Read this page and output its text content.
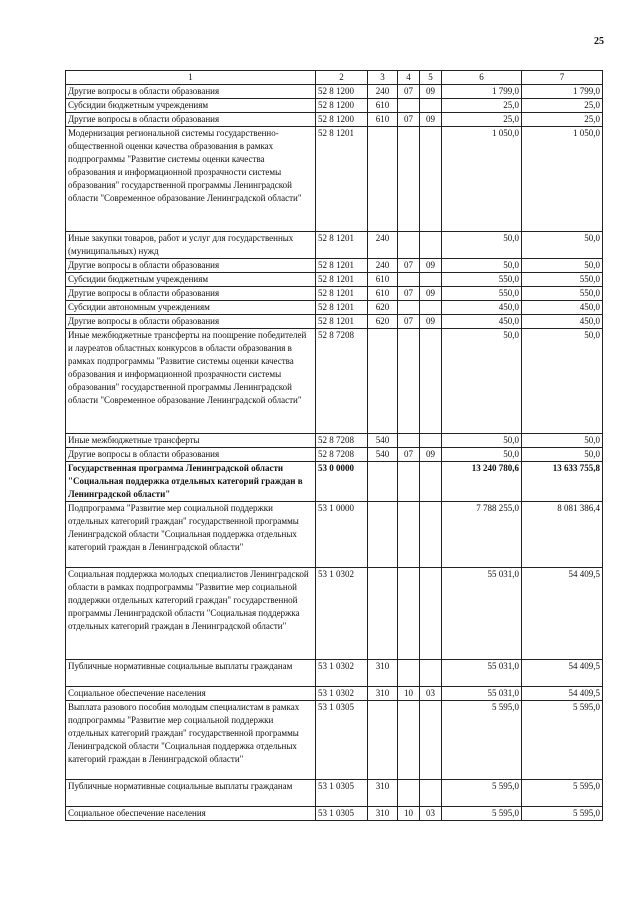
25
1	2	3	4	5	6	7
Другие вопросы в области образования	52 8 1200	240	07	09	1 799,0	1 799,0
Субсидии бюджетным учреждениям	52 8 1200	610			25,0	25,0
Другие вопросы в области образования	52 8 1200	610	07	09	25,0	25,0
Модернизация региональной системы государственно-общественной оценки качества образования в рамках подпрограммы "Развитие системы оценки качества образования и информационной прозрачности системы образования" государственной программы Ленинградской области "Современное образование Ленинградской области"	52 8 1201				1 050,0	1 050,0
Иные закупки товаров, работ и услуг для государственных (муниципальных) нужд	52 8 1201	240			50,0	50,0
Другие вопросы в области образования	52 8 1201	240	07	09	50,0	50,0
Субсидии бюджетным учреждениям	52 8 1201	610			550,0	550,0
Другие вопросы в области образования	52 8 1201	610	07	09	550,0	550,0
Субсидии автономным учреждениям	52 8 1201	620			450,0	450,0
Другие вопросы в области образования	52 8 1201	620	07	09	450,0	450,0
Иные межбюджетные трансферты на поощрение победителей и лауреатов областных конкурсов в области образования в рамках подпрограммы "Развитие системы оценки качества образования и информационной прозрачности системы образования" государственной программы Ленинградской области "Современное образование Ленинградской области"	52 8 7208				50,0	50,0
Иные межбюджетные трансферты	52 8 7208	540			50,0	50,0
Другие вопросы в области образования	52 8 7208	540	07	09	50,0	50,0
Государственная программа Ленинградской области "Социальная поддержка отдельных категорий граждан в Ленинградской области"	53 0 0000				13 240 780,6	13 633 755,8
Подпрограмма "Развитие мер социальной поддержки отдельных категорий граждан" государственной программы Ленинградской области "Социальная поддержка отдельных категорий граждан в Ленинградской области"	53 1 0000				7 788 255,0	8 081 386,4
Социальная поддержка молодых специалистов Ленинградской области в рамках подпрограммы "Развитие мер социальной поддержки отдельных категорий граждан" государственной программы Ленинградской области "Социальная поддержка отдельных категорий граждан в Ленинградской области"	53 1 0302				55 031,0	54 409,5
Публичные нормативные социальные выплаты гражданам	53 1 0302	310			55 031,0	54 409,5
Социальное обеспечение населения	53 1 0302	310	10	03	55 031,0	54 409,5
Выплата разового пособия молодым специалистам в рамках подпрограммы "Развитие мер социальной поддержки отдельных категорий граждан" государственной программы Ленинградской области "Социальная поддержка отдельных категорий граждан в Ленинградской области"	53 1 0305				5 595,0	5 595,0
Публичные нормативные социальные выплаты гражданам	53 1 0305	310			5 595,0	5 595,0
Социальное обеспечение населения	53 1 0305	310	10	03	5 595,0	5 595,0
